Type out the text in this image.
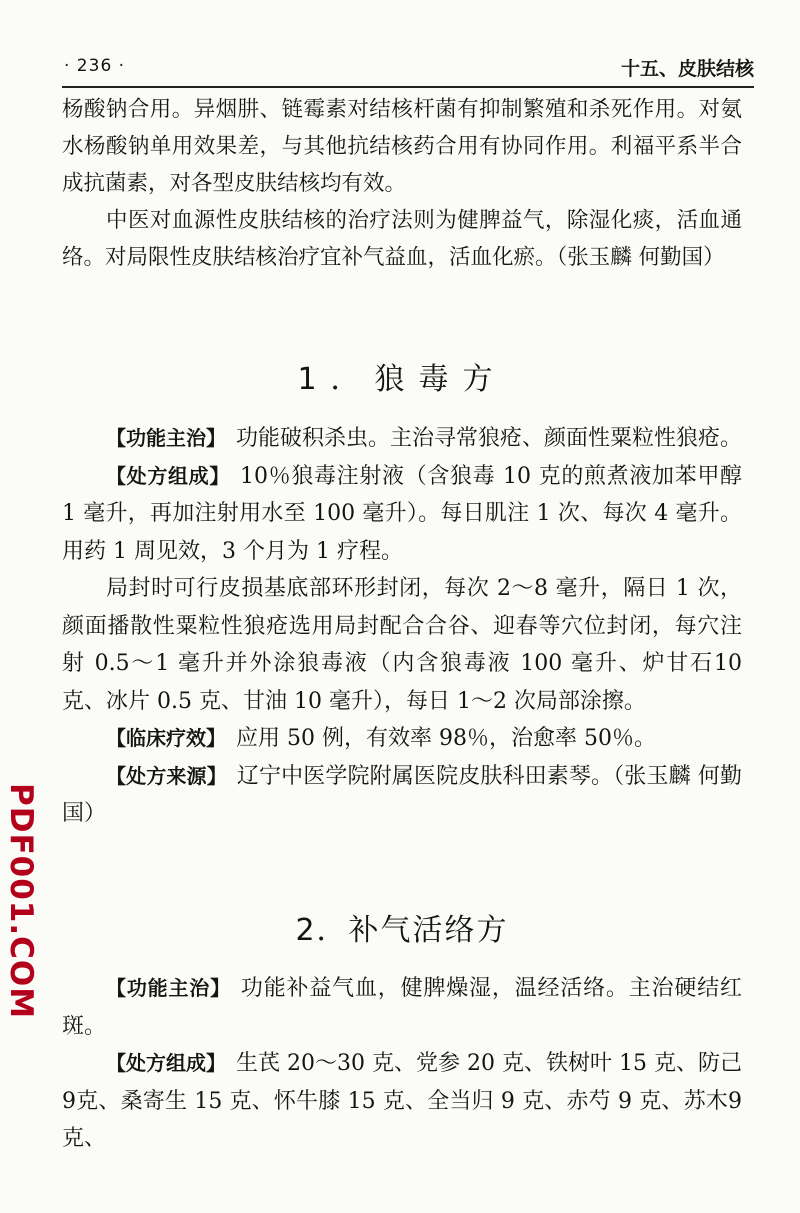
· 236 ·	十五、皮肤结核

杨酸钠合用。异烟肼、链霉素对结核杆菌有抑制繁殖和杀死作用。对氨水杨酸钠单用效果差，与其他抗结核药合用有协同作用。利福平系半合成抗菌素，对各型皮肤结核均有效。

中医对血源性皮肤结核的治疗法则为健脾益气，除湿化痰，活血通络。对局限性皮肤结核治疗宜补气益血，活血化瘀。（张玉麟 何勤国）

1．狼毒方

【功能主治】 功能破积杀虫。主治寻常狼疮、颜面性粟粒性狼疮。

【处方组成】 10％狼毒注射液（含狼毒 10 克的煎煮液加苯甲醇 1 毫升，再加注射用水至 100 毫升）。每日肌注 1 次、每次 4 毫升。用药 1 周见效，3 个月为 1 疗程。

局封时可行皮损基底部环形封闭，每次 2～8 毫升，隔日 1 次，颜面播散性粟粒性狼疮选用局封配合合谷、迎春等穴位封闭，每穴注射 0.5～1 毫升并外涂狼毒液（内含狼毒液 100 毫升、炉甘石10 克、冰片 0.5 克、甘油 10 毫升），每日 1～2 次局部涂擦。

【临床疗效】 应用 50 例，有效率 98％，治愈率 50％。

【处方来源】 辽宁中医学院附属医院皮肤科田素琴。（张玉麟 何勤国）

2．补气活络方

【功能主治】 功能补益气血，健脾燥湿，温经活络。主治硬结红斑。

【处方组成】 生芪 20～30 克、党参 20 克、铁树叶 15 克、防己9克、桑寄生 15 克、怀牛膝 15 克、全当归 9 克、赤芍 9 克、苏木9克、

PDF001.COM
